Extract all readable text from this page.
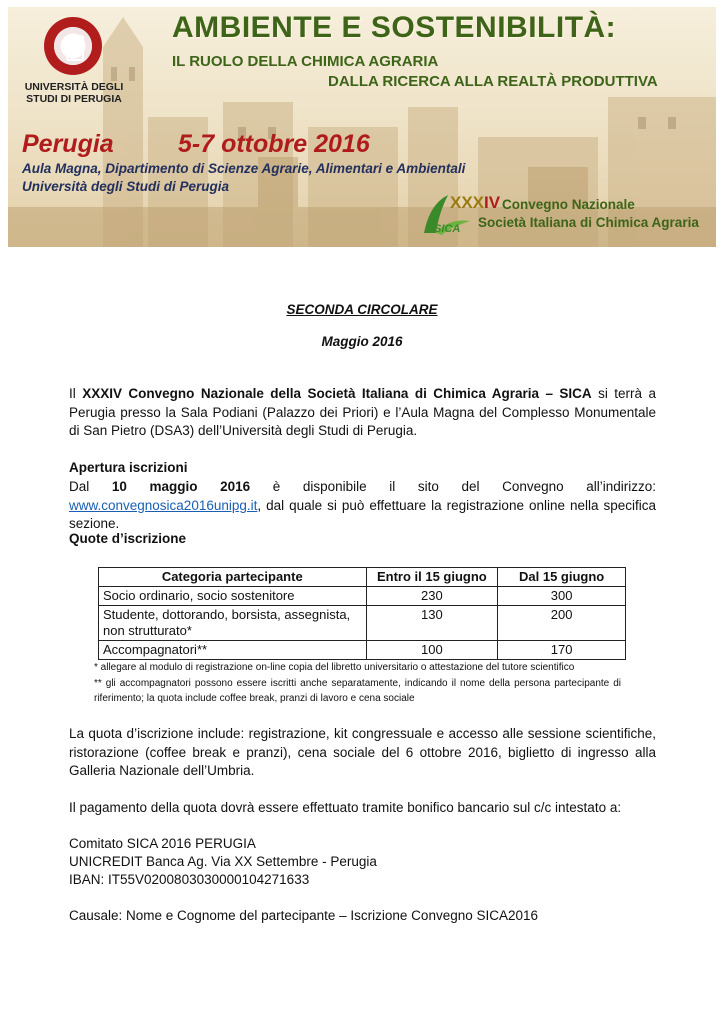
UNIVERSITÀ DEGLI STUDI DI PERUGIA
AMBIENTE E SOSTENIBILITÀ:
IL RUOLO DELLA CHIMICA AGRARIA
DALLA RICERCA ALLA REALTÀ PRODUTTIVA
Perugia	5-7 ottobre 2016
Aula Magna, Dipartimento di Scienze Agrarie, Alimentari e Ambientali
Università degli Studi di Perugia
SICA
XXXIV Convegno Nazionale
Società Italiana di Chimica Agraria
SECONDA CIRCOLARE
Maggio 2016
Il XXXIV Convegno Nazionale della Società Italiana di Chimica Agraria – SICA si terrà a Perugia presso la Sala Podiani (Palazzo dei Priori) e l’Aula Magna del Complesso Monumentale di San Pietro (DSA3) dell’Università degli Studi di Perugia.
Apertura iscrizioni
Dal 10 maggio 2016 è disponibile il sito del Convegno all’indirizzo: www.convegnosica2016unipg.it, dal quale si può effettuare la registrazione online nella specifica sezione.
Quote d’iscrizione
Categoria partecipante	Entro il 15 giugno	Dal 15 giugno
Socio ordinario, socio sostenitore	230	300
Studente, dottorando, borsista, assegnista, non strutturato*	130	200
Accompagnatori**	100	170
* allegare al modulo di registrazione on-line copia del libretto universitario o attestazione del tutore scientifico
** gli accompagnatori possono essere iscritti anche separatamente, indicando il nome della persona partecipante di riferimento; la quota include coffee break, pranzi di lavoro e cena sociale
La quota d’iscrizione include: registrazione, kit congressuale e accesso alle sessione scientifiche, ristorazione (coffee break e pranzi), cena sociale del 6 ottobre 2016, biglietto di ingresso alla Galleria Nazionale dell’Umbria.
Il pagamento della quota dovrà essere effettuato tramite bonifico bancario sul c/c intestato a:
Comitato SICA 2016 PERUGIA
UNICREDIT Banca Ag. Via XX Settembre - Perugia
IBAN: IT55V0200803030000104271633
Causale: Nome e Cognome del partecipante – Iscrizione Convegno SICA2016
